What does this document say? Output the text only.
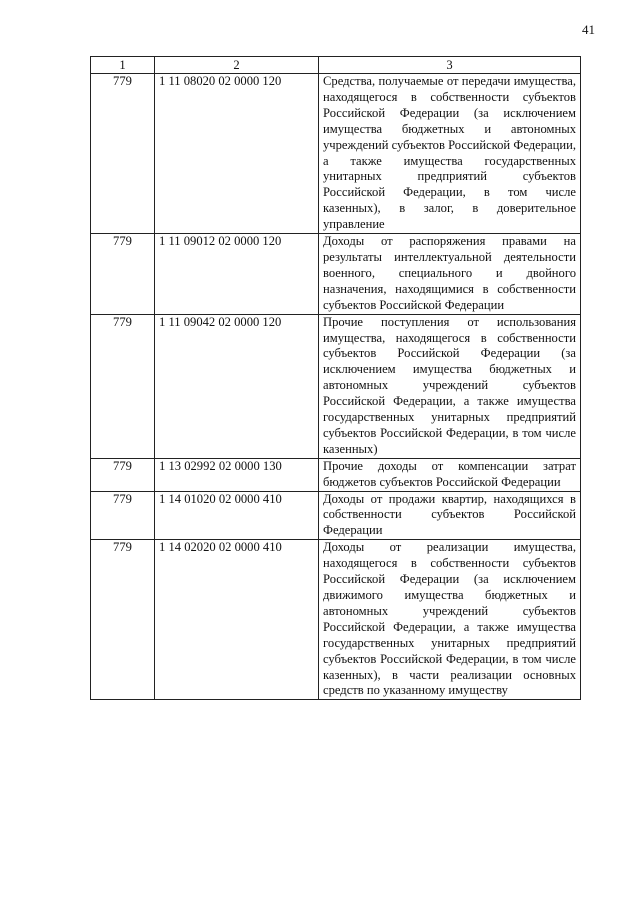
41
1	2	3
779	1 11 08020 02 0000 120	Средства, получаемые от передачи имущества, находящегося в собственности субъектов Российской Федерации (за исключением имущества бюджетных и автономных учреждений субъектов Российской Федерации, а также имущества государственных унитарных предприятий субъектов Российской Федерации, в том числе казенных), в залог, в доверительное управление
779	1 11 09012 02 0000 120	Доходы от распоряжения правами на результаты интеллектуальной деятельности военного, специального и двойного назначения, находящимися в собственности субъектов Российской Федерации
779	1 11 09042 02 0000 120	Прочие поступления от использования имущества, находящегося в собственности субъектов Российской Федерации (за исключением имущества бюджетных и автономных учреждений субъектов Российской Федерации, а также имущества государственных унитарных предприятий субъектов Российской Федерации, в том числе казенных)
779	1 13 02992 02 0000 130	Прочие доходы от компенсации затрат бюджетов субъектов Российской Федерации
779	1 14 01020 02 0000 410	Доходы от продажи квартир, находящихся в собственности субъектов Российской Федерации
779	1 14 02020 02 0000 410	Доходы от реализации имущества, находящегося в собственности субъектов Российской Федерации (за исключением движимого имущества бюджетных и автономных учреждений субъектов Российской Федерации, а также имущества государственных унитарных предприятий субъектов Российской Федерации, в том числе казенных), в части реализации основных средств по указанному имуществу
